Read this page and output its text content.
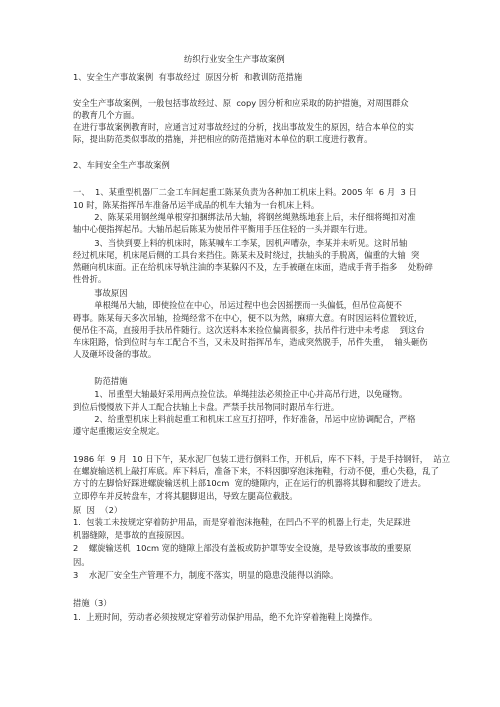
纺织行业安全生产事故案例
1、安全生产事故案例  有事故经过  原因分析  和教训防范措施
安全生产事故案例，一般包括事故经过、原  copy 因分析和应采取的防护措施，对周围群众
的教育几个方面。
在进行事故案例教育时，应通言过对事故经过的分析，找出事故发生的原因，结合本单位的实
际，提出防范类似事故的措施，并把相应的防范措施对本单位的职工度进行教育。
2、车间安全生产事故案例
一、  1、某重型机器厂二金工车间起重工陈某负责为各种加工机床上料。2005 年  6 月  3 日
10 时，陈某指挥吊车准备吊运半成品的机车大轴为一台机床上料。
2、陈某采用钢丝绳单根穿扣捆绑法吊大轴，将钢丝绳熟练地套上后，未仔细将绳扣对准
轴中心便指挥起吊。大轴吊起后陈某为使吊件平衡用手压住轻的一头并跟车行进。
3、当快到要上料的机床时，陈某喊车工李某，因机声嘈杂，李某并未听见。这时吊轴
经过机床尾，机床尾后侧的工具台来挡住。陈某未及时绕过，扶轴头的手脱离，偏重的大轴  突
然砸向机床面。正在给机床导轨注油的李某躲闪不及，左手被砸在床面，造成手背手指多    处粉碎
性骨折。
事故原因
单根绳吊大轴，即使捡位在中心，吊运过程中也会因摇摆而一头偏低，但吊位高便不
碍事。陈某每天多次吊轴，捡绳经常不在中心，便不以为然，麻痹大意。有时因运料位置较近，
便吊住不高，直接用手扶吊件随行。这次送料本来捡位偏离很多，扶吊件行进中未考虑    到这台
车床阻路，恰到位时与车工配合不当，又未及时指挥吊车，造成突然脱手，吊件失重，  轴头砸伤
人及砸坏设备的事故。
防范措施
1、吊重型大轴最好采用两点捡位法。单绳挂法必须捡正中心并高吊行进，以免碰物。
到位后慢慢放下并人工配合扶轴上卡盘。严禁手扶吊物同时跟吊车行进。
2、给重型机床上料前起重工和机床工应互打招呼，作好准备，吊运中应协调配合，严格
遵守起重搬运安全规定。
1986 年  9 月  10 日下午，某水泥厂包装工进行倒料工作，开机后，库不下料，于是手持钢钎，  站立
在螺旋输送机上敲打库底。库下料后，准备下来，不料因脚穿泡沫拖鞋，行动不便，重心失稳，乱了
方寸的左脚恰好踩进螺旋输送机上部10cm  宽的缝隙内，正在运行的机器将其脚和腿绞了进去。
立即停车并反转盘车，才将其腿脚退出，导致左腿高位截肢。
原  因  （2）
1.  包装工未按规定穿着防护用品，而是穿着泡沫拖鞋，在凹凸不平的机器上行走，失足踩进
机器缝隙，是事故的直接原因。
2    螺旋输送机  10cm 宽的缝隙上部没有盖板或防护罩等安全设施，是导致该事故的重要原
因。
3    水泥厂安全生产管理不力，制度不落实，明显的隐患没能得以消除。
措施（3）
1.  上班时间，劳动者必须按规定穿着劳动保护用品，绝不允许穿着拖鞋上岗操作。
